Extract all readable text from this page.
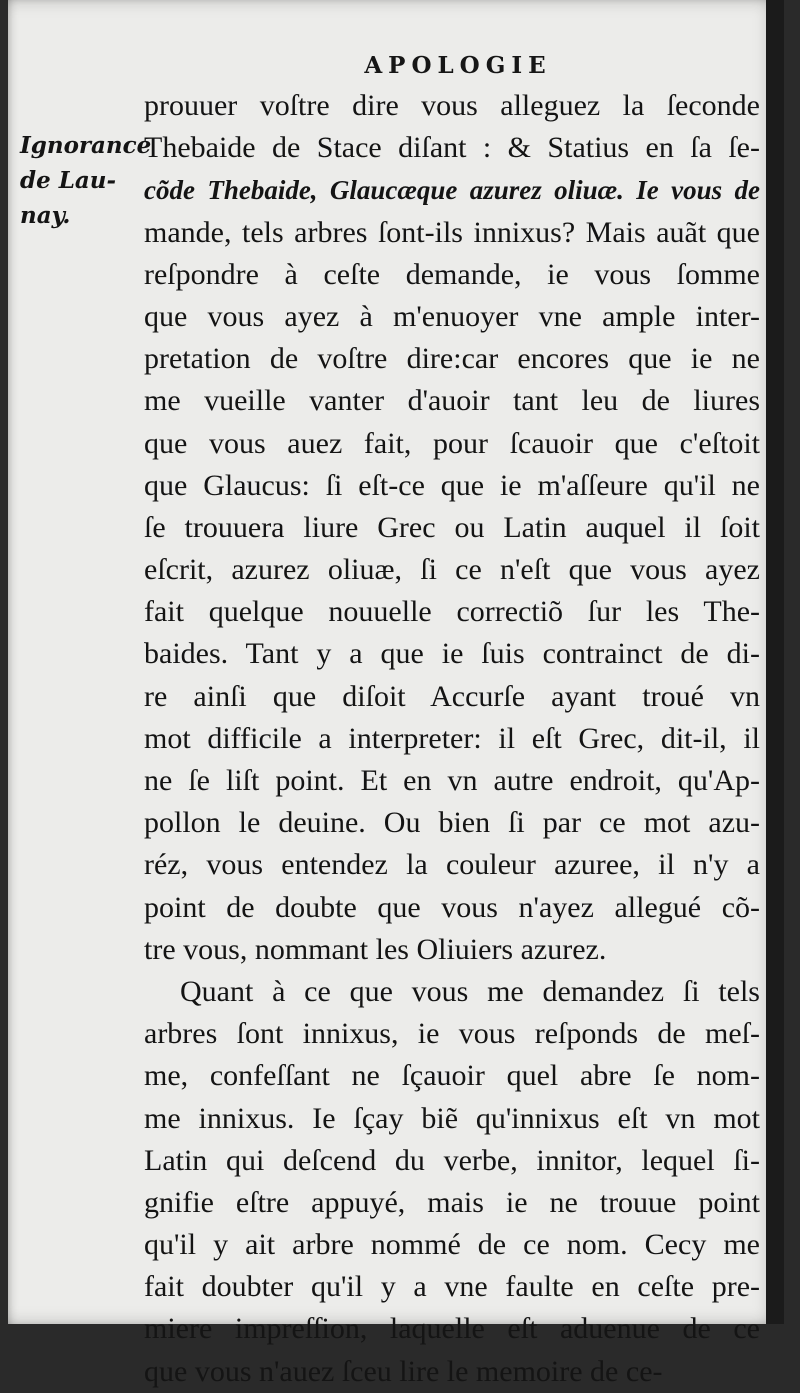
APOLOGIE
Ignorance
de Lau-
nay.
prouuer voſtre dire vous alleguez la ſeconde
Thebaide de Stace diſant : & Statius en ſa ſe-
cõde Thebaide, Glaucæque azurez oliuæ. Ie vous de
mande, tels arbres ſont-ils innixus? Mais auãt que
reſpondre à ceſte demande, ie vous ſomme
que vous ayez à m'enuoyer vne ample inter-
pretation de voſtre dire:car encores que ie ne
me vueille vanter d'auoir tant leu de liures
que vous auez fait, pour ſcauoir que c'eſtoit
que Glaucus: ſi eſt-ce que ie m'aſſeure qu'il ne
ſe trouuera liure Grec ou Latin auquel il ſoit
eſcrit, azurez oliuæ, ſi ce n'eſt que vous ayez
fait quelque nouuelle correctiõ ſur les The-
baides. Tant y a que ie ſuis contrainct de di-
re ainſi que diſoit Accurſe ayant troué vn
mot difficile a interpreter: il eſt Grec, dit-il, il
ne ſe liſt point. Et en vn autre endroit, qu'Ap-
pollon le deuine. Ou bien ſi par ce mot azu-
réz, vous entendez la couleur azuree, il n'y a
point de doubte que vous n'ayez allegué cõ-
tre vous, nommant les Oliuiers azurez.
Quant à ce que vous me demandez ſi tels
arbres ſont innixus, ie vous reſponds de meſ-
me, confeſſant ne ſçauoir quel abre ſe nom-
me innixus. Ie ſçay biẽ qu'innixus eſt vn mot
Latin qui deſcend du verbe, innitor, lequel ſi-
gnifie eſtre appuyé, mais ie ne trouue point
qu'il y ait arbre nommé de ce nom. Cecy me
fait doubter qu'il y a vne faulte en ceſte pre-
miere impreſſion, laquelle eſt aduenue de ce
que vous n'auez ſceu lire le memoire de ce-
